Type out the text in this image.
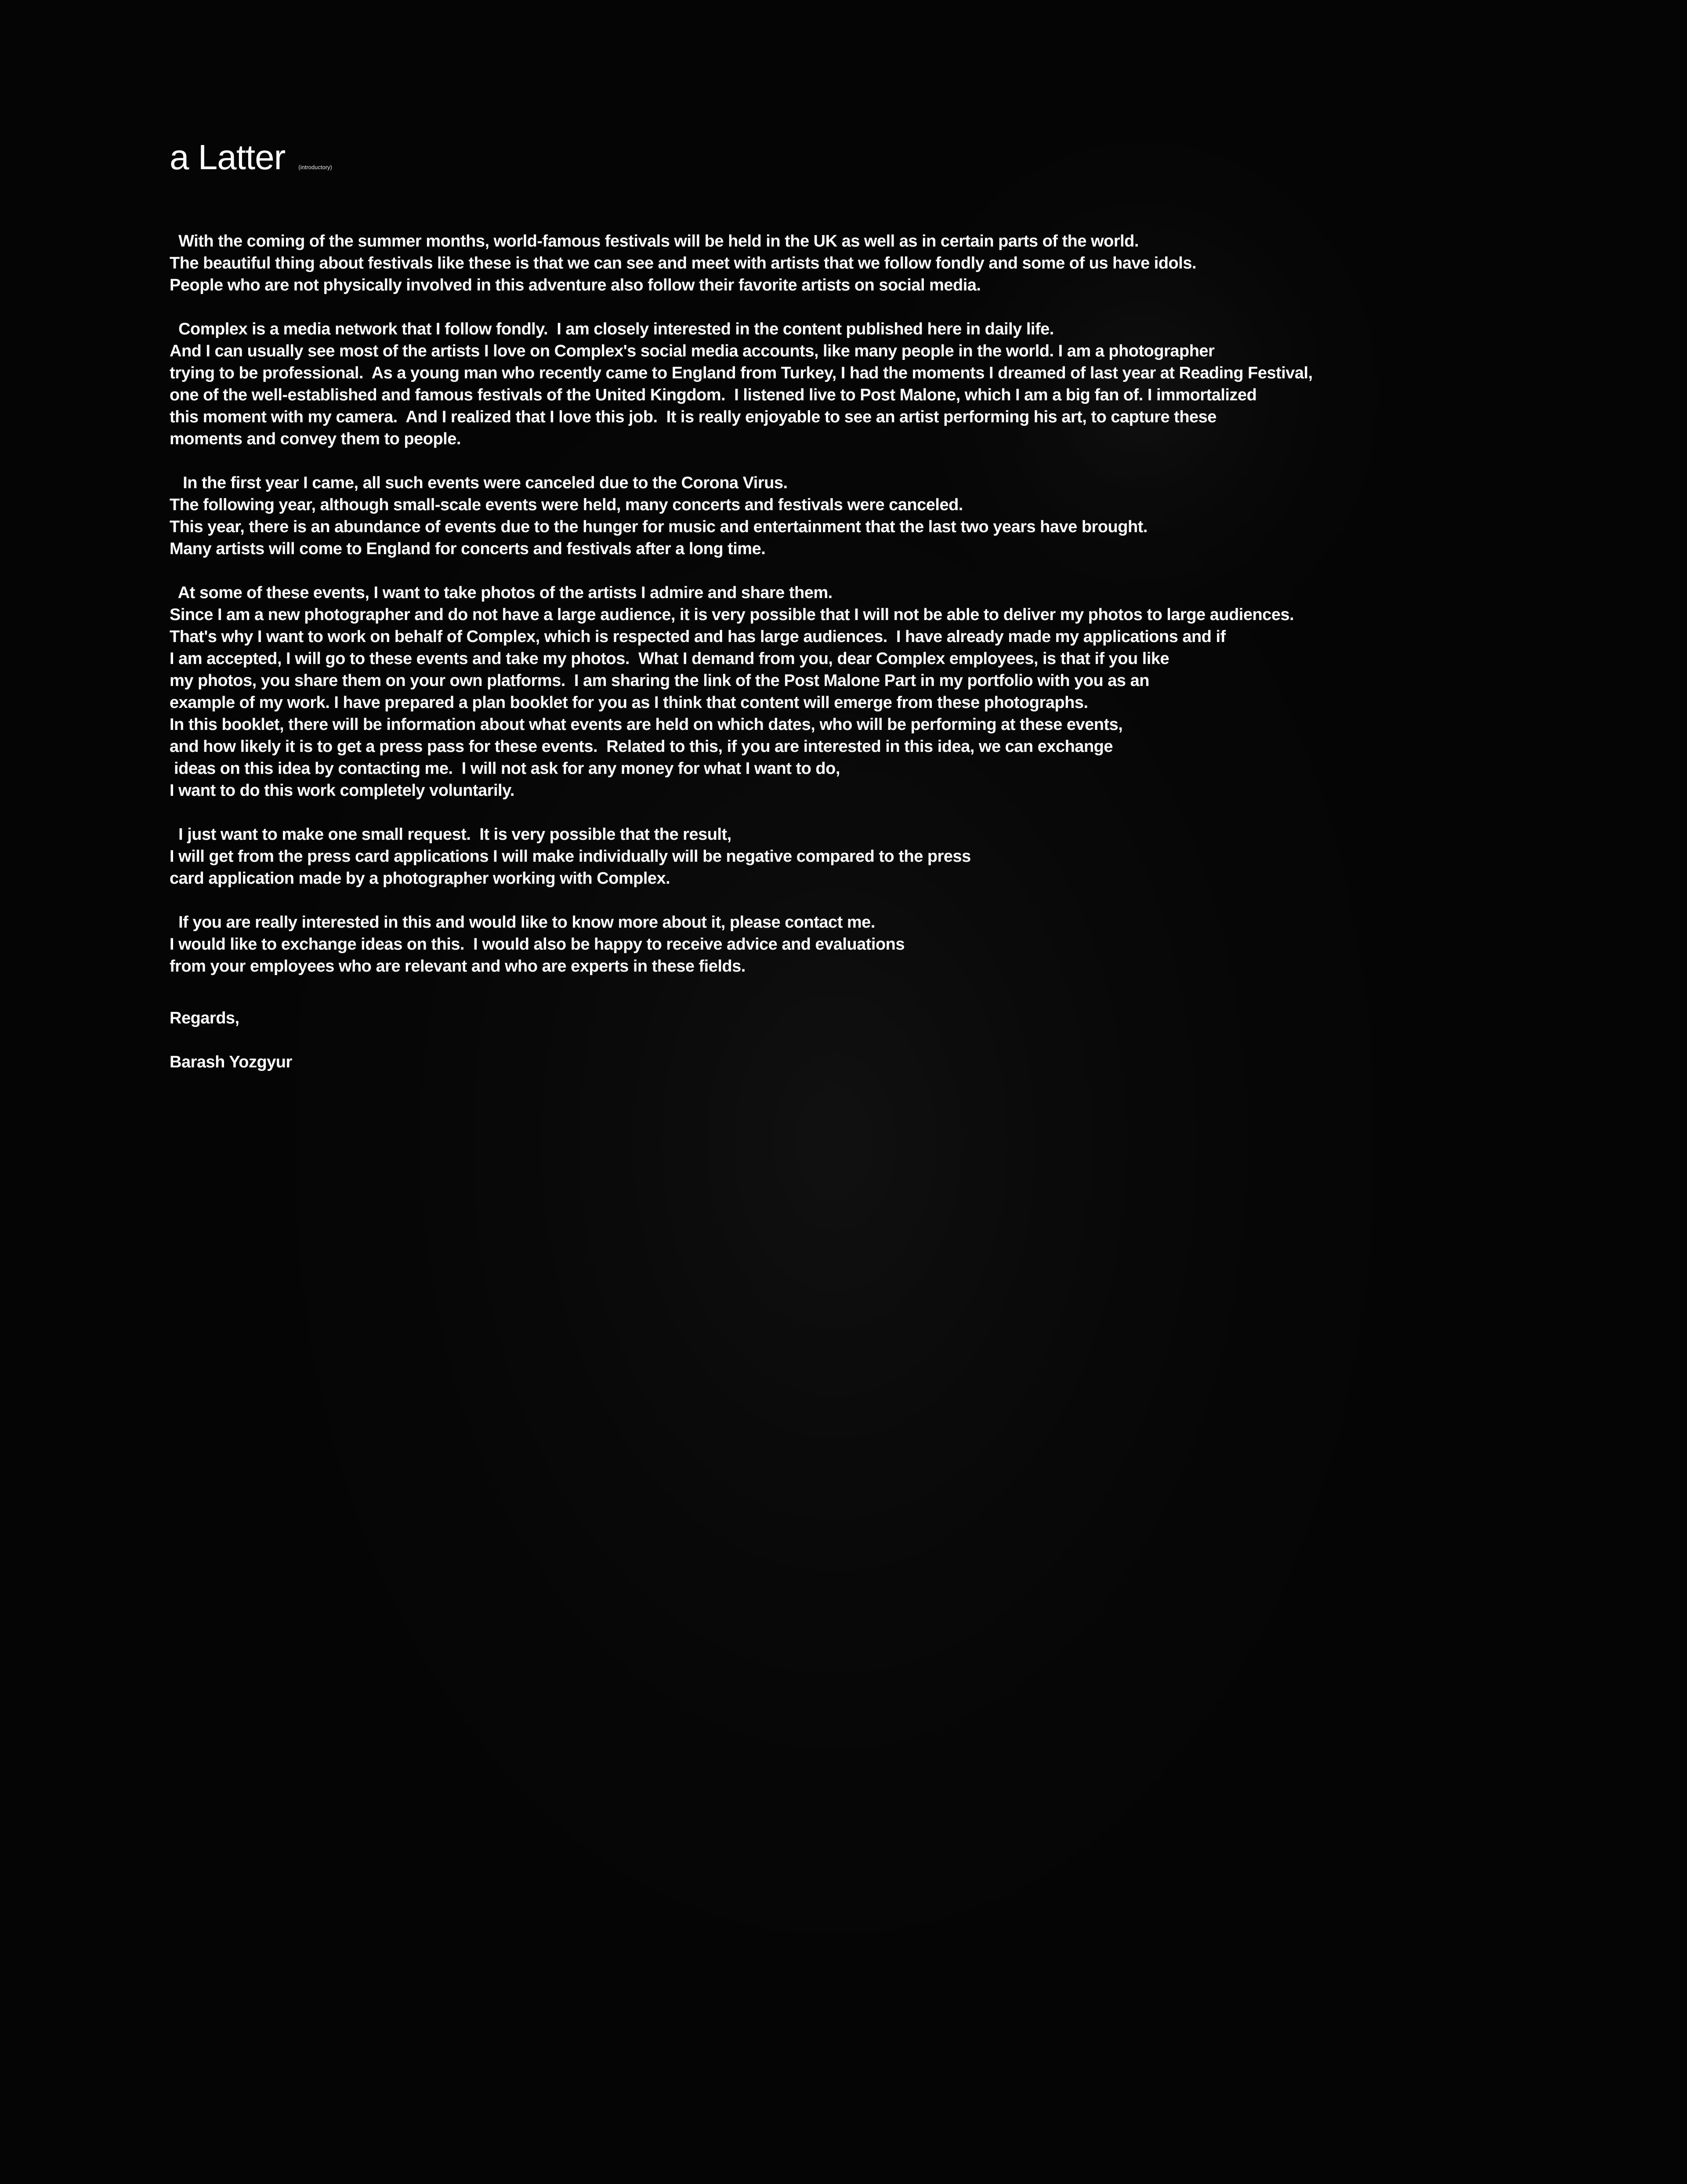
a Latter (introductory)
With the coming of the summer months, world-famous festivals will be held in the UK as well as in certain parts of the world.
The beautiful thing about festivals like these is that we can see and meet with artists that we follow fondly and some of us have idols.
People who are not physically involved in this adventure also follow their favorite artists on social media.
Complex is a media network that I follow fondly.  I am closely interested in the content published here in daily life.
And I can usually see most of the artists I love on Complex's social media accounts, like many people in the world. I am a photographer
trying to be professional.  As a young man who recently came to England from Turkey, I had the moments I dreamed of last year at Reading Festival,
one of the well-established and famous festivals of the United Kingdom.  I listened live to Post Malone, which I am a big fan of. I immortalized
this moment with my camera.  And I realized that I love this job.  It is really enjoyable to see an artist performing his art, to capture these
moments and convey them to people.
In the first year I came, all such events were canceled due to the Corona Virus.
The following year, although small-scale events were held, many concerts and festivals were canceled.
This year, there is an abundance of events due to the hunger for music and entertainment that the last two years have brought.
Many artists will come to England for concerts and festivals after a long time.
At some of these events, I want to take photos of the artists I admire and share them.
Since I am a new photographer and do not have a large audience, it is very possible that I will not be able to deliver my photos to large audiences.
That's why I want to work on behalf of Complex, which is respected and has large audiences.  I have already made my applications and if
I am accepted, I will go to these events and take my photos.  What I demand from you, dear Complex employees, is that if you like
my photos, you share them on your own platforms.  I am sharing the link of the Post Malone Part in my portfolio with you as an
example of my work. I have prepared a plan booklet for you as I think that content will emerge from these photographs.
In this booklet, there will be information about what events are held on which dates, who will be performing at these events,
and how likely it is to get a press pass for these events.  Related to this, if you are interested in this idea, we can exchange
ideas on this idea by contacting me.  I will not ask for any money for what I want to do,
I want to do this work completely voluntarily.
I just want to make one small request.  It is very possible that the result,
I will get from the press card applications I will make individually will be negative compared to the press
card application made by a photographer working with Complex.
If you are really interested in this and would like to know more about it, please contact me.
I would like to exchange ideas on this.  I would also be happy to receive advice and evaluations
from your employees who are relevant and who are experts in these fields.
Regards,
Barash Yozgyur
